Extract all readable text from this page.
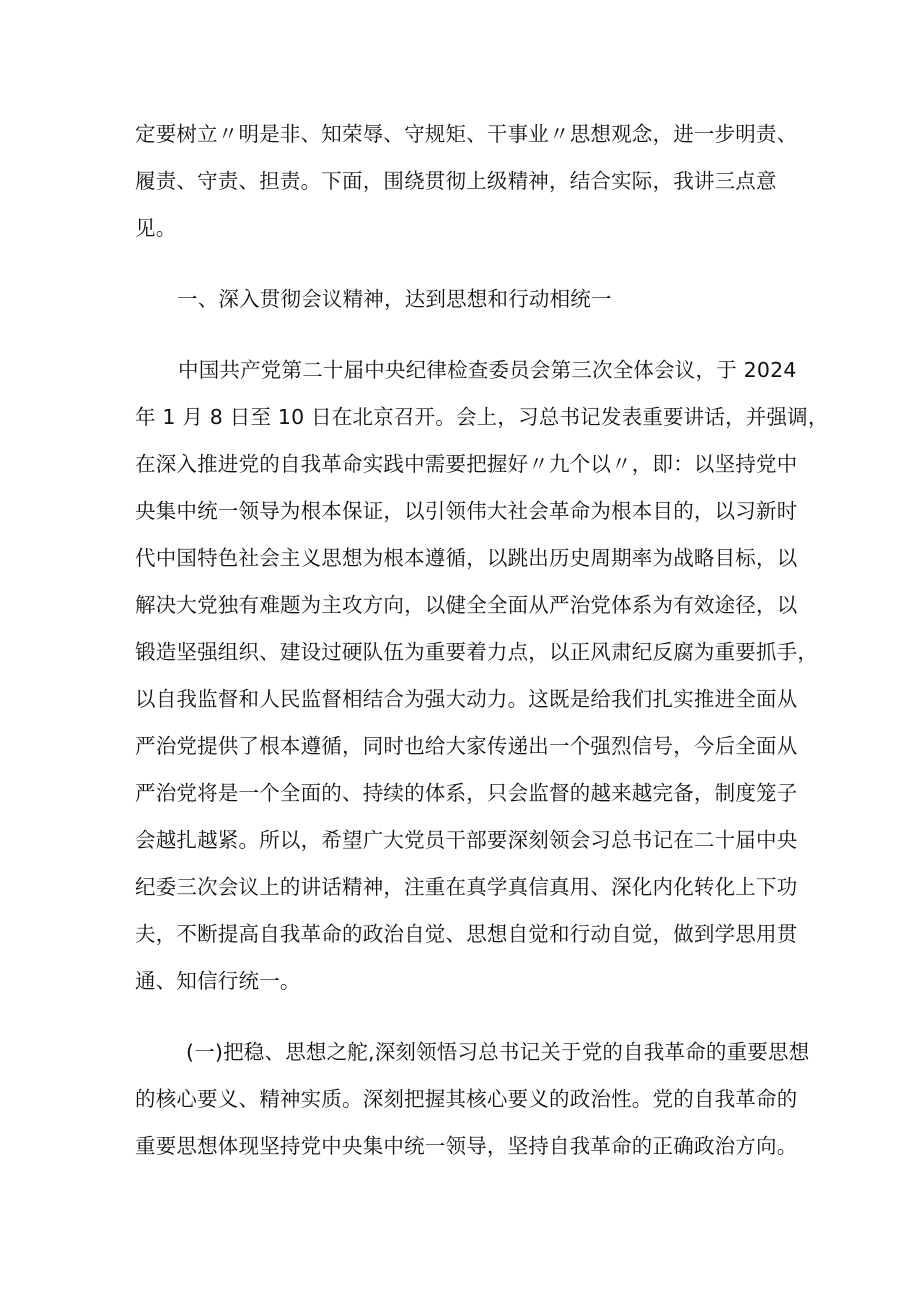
定要树立〃明是非、知荣辱、守规矩、干事业〃思想观念，进一步明责、
履责、守责、担责。下面，围绕贯彻上级精神，结合实际，我讲三点意
见。
一、深入贯彻会议精神，达到思想和行动相统一
中国共产党第二十届中央纪律检查委员会第三次全体会议，于 2024
年 1 月 8 日至 10 日在北京召开。会上，习总书记发表重要讲话，并强调，
在深入推进党的自我革命实践中需要把握好〃九个以〃，即：以坚持党中
央集中统一领导为根本保证，以引领伟大社会革命为根本目的，以习新时
代中国特色社会主义思想为根本遵循，以跳出历史周期率为战略目标，以
解决大党独有难题为主攻方向，以健全全面从严治党体系为有效途径，以
锻造坚强组织、建设过硬队伍为重要着力点，以正风肃纪反腐为重要抓手，
以自我监督和人民监督相结合为强大动力。这既是给我们扎实推进全面从
严治党提供了根本遵循，同时也给大家传递出一个强烈信号，今后全面从
严治党将是一个全面的、持续的体系，只会监督的越来越完备，制度笼子
会越扎越紧。所以，希望广大党员干部要深刻领会习总书记在二十届中央
纪委三次会议上的讲话精神，注重在真学真信真用、深化内化转化上下功
夫，不断提高自我革命的政治自觉、思想自觉和行动自觉，做到学思用贯
通、知信行统一。
(一)把稳、思想之舵,深刻领悟习总书记关于党的自我革命的重要思想
的核心要义、精神实质。深刻把握其核心要义的政治性。党的自我革命的
重要思想体现坚持党中央集中统一领导，坚持自我革命的正确政治方向。
